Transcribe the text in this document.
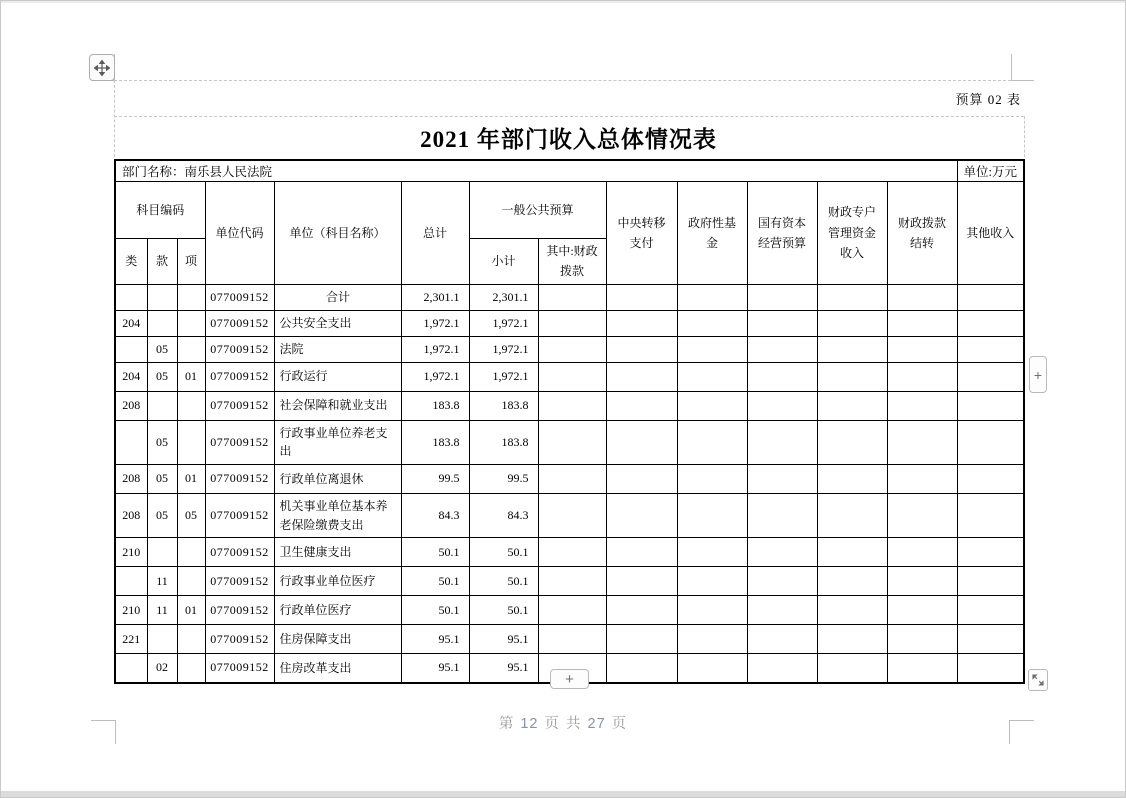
预算 02 表
2021 年部门收入总体情况表
部门名称：南乐县人民法院													单位:万元
科目编码			单位代码	单位（科目名称）	总计	一般公共预算		中央转移支付	政府性基金	国有资本经营预算	财政专户管理资金收入	财政拨款结转	其他收入
类	款	项				小计	其中:财政拨款						
			077009152	合计	2,301.1	2,301.1							
204			077009152	公共安全支出	1,972.1	1,972.1							
	05		077009152	法院	1,972.1	1,972.1							
204	05	01	077009152	行政运行	1,972.1	1,972.1							
208			077009152	社会保障和就业支出	183.8	183.8							
	05		077009152	行政事业单位养老支出	183.8	183.8							
208	05	01	077009152	行政单位离退休	99.5	99.5							
208	05	05	077009152	机关事业单位基本养老保险缴费支出	84.3	84.3							
210			077009152	卫生健康支出	50.1	50.1							
	11		077009152	行政事业单位医疗	50.1	50.1							
210	11	01	077009152	行政单位医疗	50.1	50.1							
221			077009152	住房保障支出	95.1	95.1							
	02		077009152	住房改革支出	95.1	95.1							
+
+
第 12 页 共 27 页
